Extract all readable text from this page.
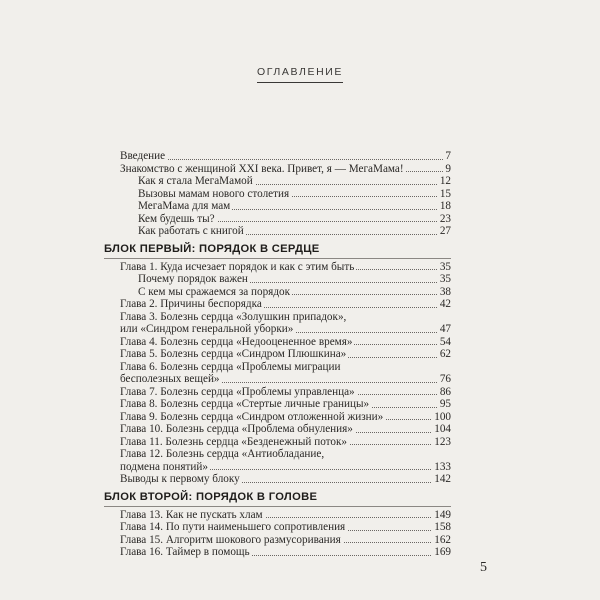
ОГЛАВЛЕНИЕ
Введение	7
Знакомство с женщиной XXI века. Привет, я — МегаМама!	9
Как я стала МегаМамой	12
Вызовы мамам нового столетия	15
МегаМама для мам	18
Кем будешь ты?	23
Как работать с книгой	27
БЛОК ПЕРВЫЙ: ПОРЯДОК В СЕРДЦЕ
Глава 1. Куда исчезает порядок и как с этим быть	35
Почему порядок важен	35
С кем мы сражаемся за порядок	38
Глава 2. Причины беспорядка	42
Глава 3. Болезнь сердца «Золушкин припадок»,
или «Синдром генеральной уборки»	47
Глава 4. Болезнь сердца «Недооцененное время»	54
Глава 5. Болезнь сердца «Синдром Плюшкина»	62
Глава 6. Болезнь сердца «Проблемы миграции
бесполезных вещей»	76
Глава 7. Болезнь сердца «Проблемы управленца»	86
Глава 8. Болезнь сердца «Стертые личные границы»	95
Глава 9. Болезнь сердца «Синдром отложенной жизни»	100
Глава 10. Болезнь сердца «Проблема обнуления»	104
Глава 11. Болезнь сердца «Безденежный поток»	123
Глава 12. Болезнь сердца «Антиобладание,
подмена понятий»	133
Выводы к первому блоку	142
БЛОК ВТОРОЙ: ПОРЯДОК В ГОЛОВЕ
Глава 13. Как не пускать хлам	149
Глава 14. По пути наименьшего сопротивления	158
Глава 15. Алгоритм шокового размусоривания	162
Глава 16. Таймер в помощь	169
5
